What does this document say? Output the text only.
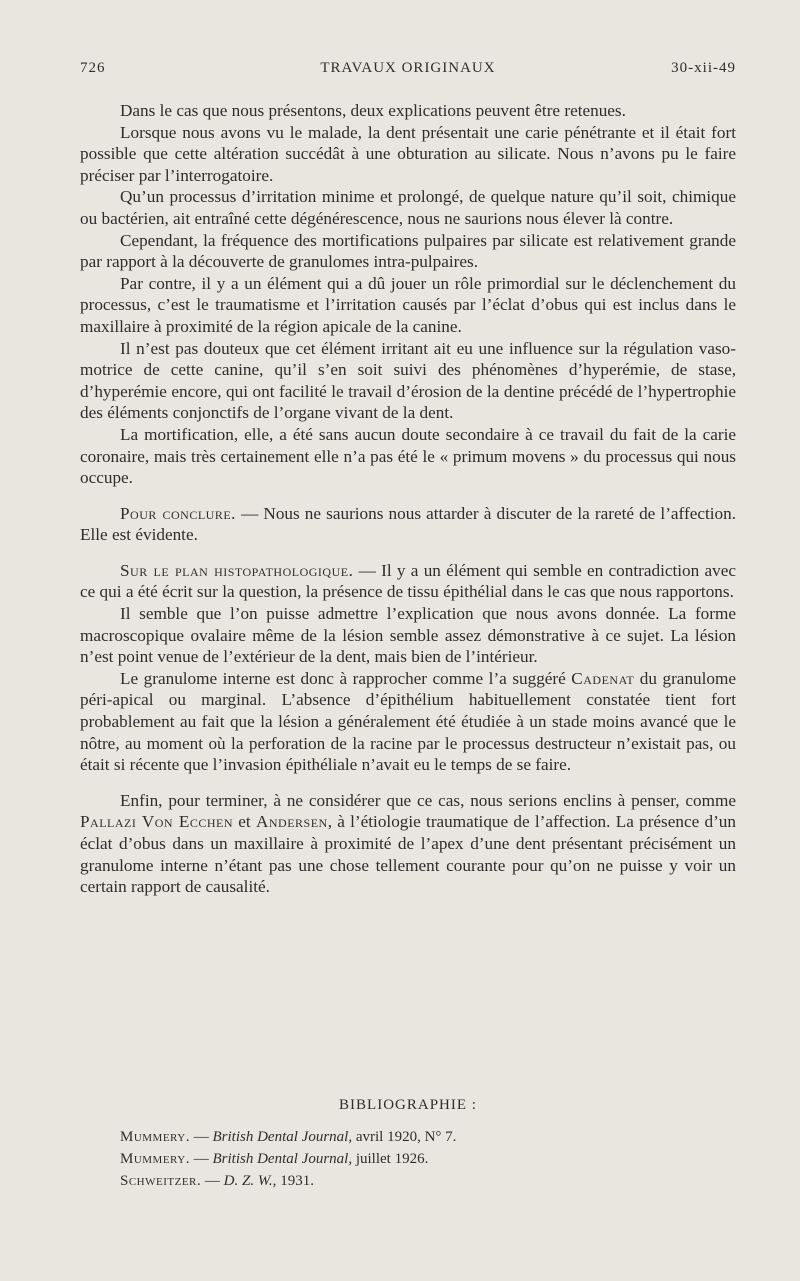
726	TRAVAUX ORIGINAUX	30-xii-49

Dans le cas que nous présentons, deux explications peuvent être retenues.

Lorsque nous avons vu le malade, la dent présentait une carie pénétrante et il était fort possible que cette altération succédât à une obturation au silicate. Nous n’avons pu le faire préciser par l’interrogatoire.

Qu’un processus d’irritation minime et prolongé, de quelque nature qu’il soit, chimique ou bactérien, ait entraîné cette dégénérescence, nous ne saurions nous élever là contre.

Cependant, la fréquence des mortifications pulpaires par silicate est relativement grande par rapport à la découverte de granulomes intra-pulpaires.

Par contre, il y a un élément qui a dû jouer un rôle primordial sur le déclenchement du processus, c’est le traumatisme et l’irritation causés par l’éclat d’obus qui est inclus dans le maxillaire à proximité de la région apicale de la canine.

Il n’est pas douteux que cet élément irritant ait eu une influence sur la régulation vaso-motrice de cette canine, qu’il s’en soit suivi des phénomènes d’hyperémie, de stase, d’hyperémie encore, qui ont facilité le travail d’érosion de la dentine précédé de l’hypertrophie des éléments conjonctifs de l’organe vivant de la dent.

La mortification, elle, a été sans aucun doute secondaire à ce travail du fait de la carie coronaire, mais très certainement elle n’a pas été le « primum movens » du processus qui nous occupe.

Pour conclure. — Nous ne saurions nous attarder à discuter de la rareté de l’affection. Elle est évidente.

Sur le plan histopathologique. — Il y a un élément qui semble en contradiction avec ce qui a été écrit sur la question, la présence de tissu épithélial dans le cas que nous rapportons.

Il semble que l’on puisse admettre l’explication que nous avons donnée. La forme macroscopique ovalaire même de la lésion semble assez démonstrative à ce sujet. La lésion n’est point venue de l’extérieur de la dent, mais bien de l’intérieur.

Le granulome interne est donc à rapprocher comme l’a suggéré Cadenat du granulome péri-apical ou marginal. L’absence d’épithélium habituellement constatée tient fort probablement au fait que la lésion a généralement été étudiée à un stade moins avancé que le nôtre, au moment où la perforation de la racine par le processus destructeur n’existait pas, ou était si récente que l’invasion épithéliale n’avait eu le temps de se faire.

Enfin, pour terminer, à ne considérer que ce cas, nous serions enclins à penser, comme Pallazi Von Ecchen et Andersen, à l’étiologie traumatique de l’affection. La présence d’un éclat d’obus dans un maxillaire à proximité de l’apex d’une dent présentant précisément un granulome interne n’étant pas une chose tellement courante pour qu’on ne puisse y voir un certain rapport de causalité.

BIBLIOGRAPHIE :
Mummery. — British Dental Journal, avril 1920, N° 7.
Mummery. — British Dental Journal, juillet 1926.
Schweitzer. — D. Z. W., 1931.
